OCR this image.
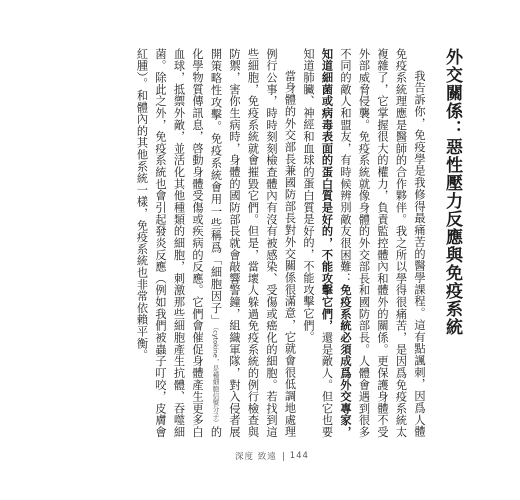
外交關係：惡性壓力反應與免疫系統

我告訴你，免疫學是我修得最痛苦的醫學課程。這有點諷刺，因爲人體免疫系統理應是醫師的合作夥伴。我之所以學得很痛苦，是因爲免疫系統太複雜了，它掌握很大的權力，負責監控體內和體外的關係。更保護身體不受外部威脅侵襲。免疫系統就像身體的外交部長和國防部長。人體會遇到很多不同的敵人和盟友，有時候辨別敵友很困難：免疫系統必須成爲外交專家，知道細菌或病毒表面的蛋白質是好的，不能攻擊它們，還是敵人。但它也要知道肺臟、神經和血球的蛋白質是好的，不能攻擊它們。

當身體的外交部長兼國防部長對外交關係很滿意，它就會很低調地處理例行公事，時時刻刻檢查體內有沒有被感染、受傷或癌化的細胞。若找到這些細胞，免疫系統就會摧毀它們。但是，當壞人躲過免疫系統的例行檢查與防禦，害你生病時，身體的國防部長就會敲響警鐘，組織軍隊，對入侵者展開策略性攻擊。免疫系統會用一些稱爲「細胞因子」（cytokine，是種細胞信號分子）的化學物質傳訊息，啓動身體受傷或疾病的反應。它們會催促身體產生更多白血球，抵禦外敵，並活化其他種類的細胞，刺激那些細胞產生抗體、吞噬細菌。除此之外，免疫系統也會引起發炎反應（例如我們被蟲子叮咬，皮膚會紅腫）。和體內的其他系統一樣，免疫系統也非常依賴平衡。

深度 致遠 144
